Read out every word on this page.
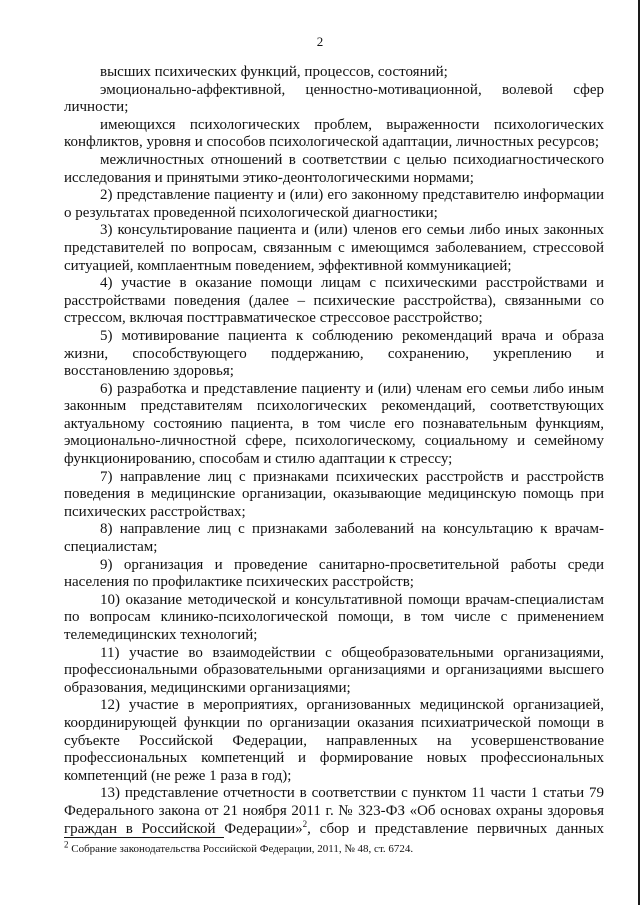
2

высших психических функций, процессов, состояний;

эмоционально-аффективной, ценностно-мотивационной, волевой сфер личности;

имеющихся психологических проблем, выраженности психологических конфликтов, уровня и способов психологической адаптации, личностных ресурсов;

межличностных отношений в соответствии с целью психодиагностического исследования и принятыми этико-деонтологическими нормами;

2) представление пациенту и (или) его законному представителю информации о результатах проведенной психологической диагностики;

3) консультирование пациента и (или) членов его семьи либо иных законных представителей по вопросам, связанным с имеющимся заболеванием, стрессовой ситуацией, комплаентным поведением, эффективной коммуникацией;

4) участие в оказание помощи лицам с психическими расстройствами и расстройствами поведения (далее – психические расстройства), связанными со стрессом, включая посттравматическое стрессовое расстройство;

5) мотивирование пациента к соблюдению рекомендаций врача и образа жизни, способствующего поддержанию, сохранению, укреплению и восстановлению здоровья;

6) разработка и представление пациенту и (или) членам его семьи либо иным законным представителям психологических рекомендаций, соответствующих актуальному состоянию пациента, в том числе его познавательным функциям, эмоционально-личностной сфере, психологическому, социальному и семейному функционированию, способам и стилю адаптации к стрессу;

7) направление лиц с признаками психических расстройств и расстройств поведения в медицинские организации, оказывающие медицинскую помощь при психических расстройствах;

8) направление лиц с признаками заболеваний на консультацию к врачам-специалистам;

9) организация и проведение санитарно-просветительной работы среди населения по профилактике психических расстройств;

10) оказание методической и консультативной помощи врачам-специалистам по вопросам клинико-психологической помощи, в том числе с применением телемедицинских технологий;

11) участие во взаимодействии с общеобразовательными организациями, профессиональными образовательными организациями и организациями высшего образования, медицинскими организациями;

12) участие в мероприятиях, организованных медицинской организацией, координирующей функции по организации оказания психиатрической помощи в субъекте Российской Федерации, направленных на усовершенствование профессиональных компетенций и формирование новых профессиональных компетенций (не реже 1 раза в год);

13) представление отчетности в соответствии с пунктом 11 части 1 статьи 79 Федерального закона от 21 ноября 2011 г. № 323-ФЗ «Об основах охраны здоровья граждан в Российской Федерации»$^2$, сбор и представление первичных данных

$^2$ Собрание законодательства Российской Федерации, 2011, № 48, ст. 6724.
